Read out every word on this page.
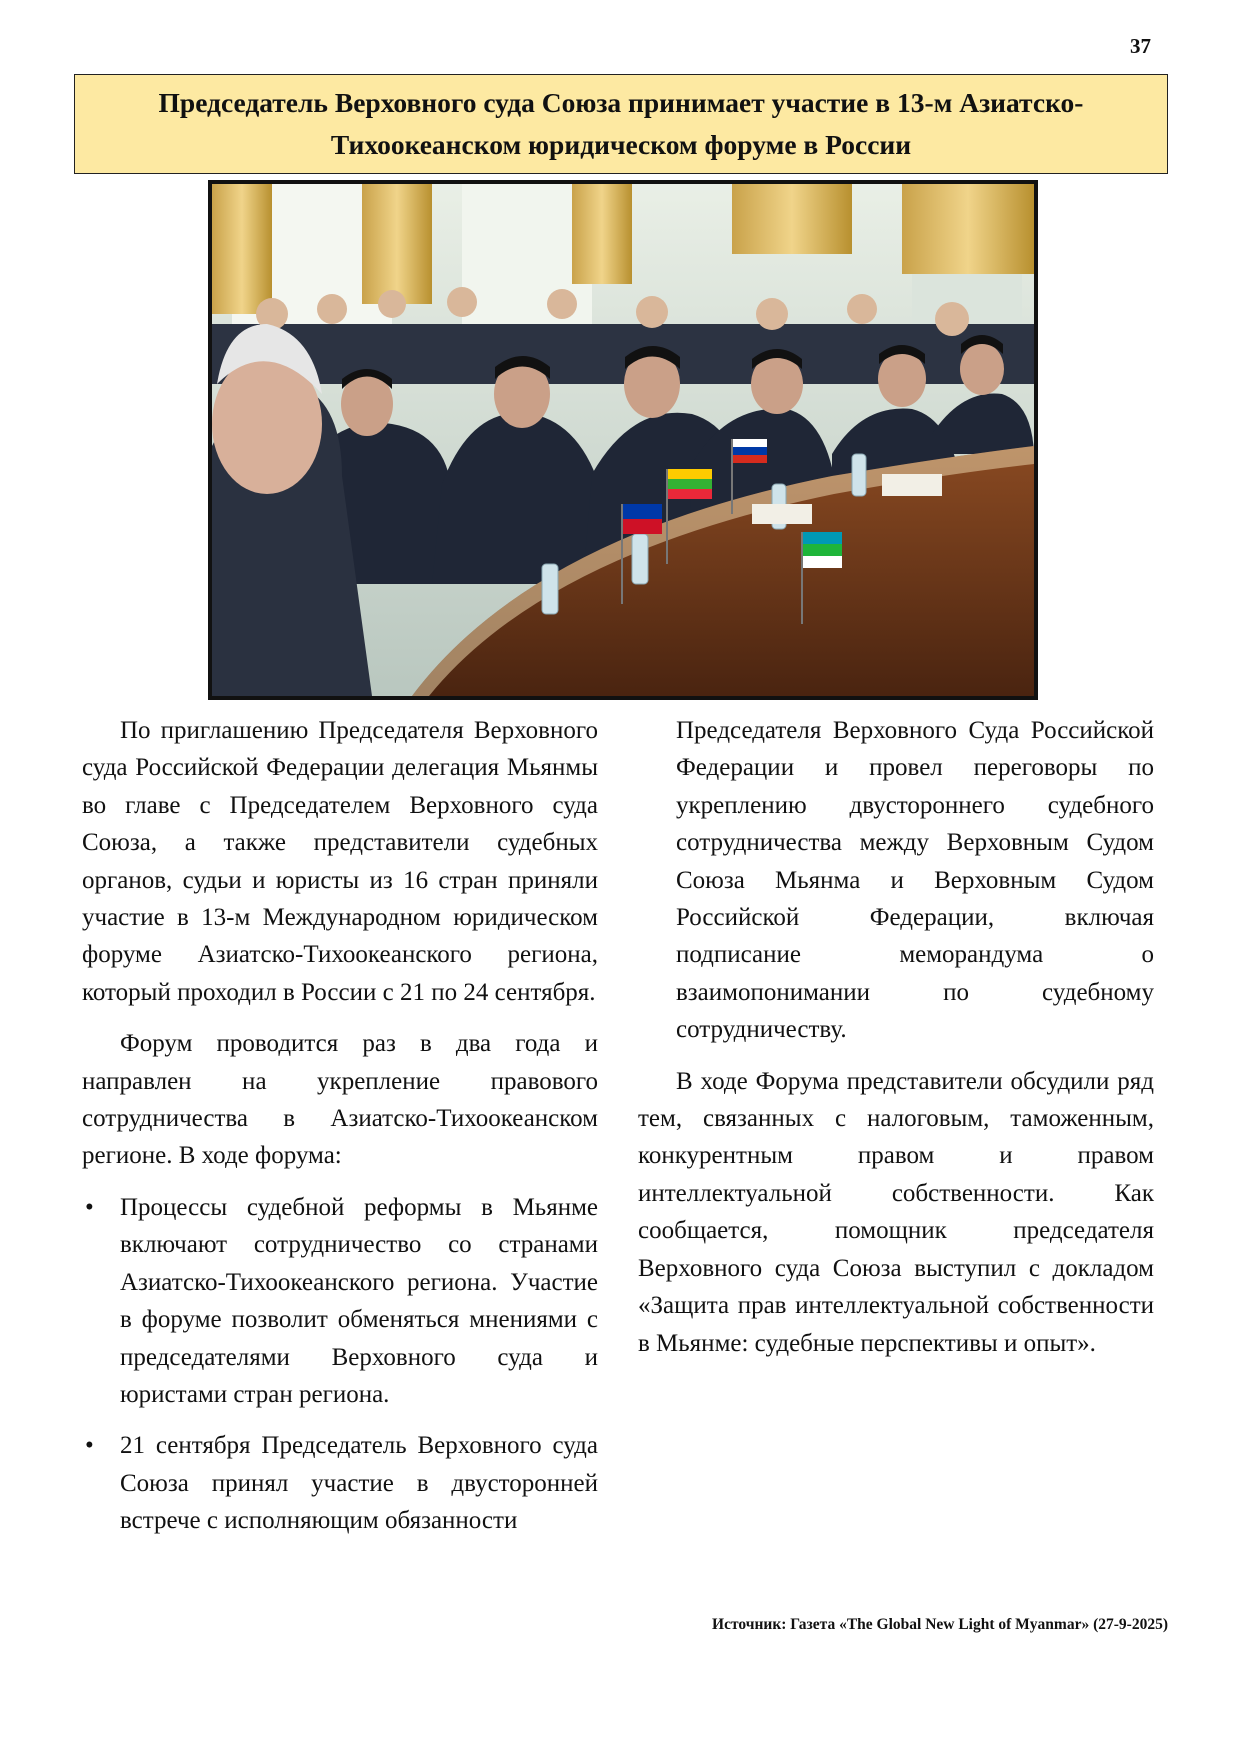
37
Председатель Верховного суда Союза принимает участие в 13-м Азиатско-Тихоокеанском юридическом форуме в России

По приглашению Председателя Верховного суда Российской Федерации делегация Мьянмы во главе с Председателем Верховного суда Союза, а также представители судебных органов, судьи и юристы из 16 стран приняли участие в 13-м Международном юридическом форуме Азиатско-Тихоокеанского региона, который проходил в России с 21 по 24 сентября.

Форум проводится раз в два года и направлен на укрепление правового сотрудничества в Азиатско-Тихоокеанском регионе. В ходе форума:

• Процессы судебной реформы в Мьянме включают сотрудничество со странами Азиатско-Тихоокеанского региона. Участие в форуме позволит обменяться мнениями с председателями Верховного суда и юристами стран региона.
• 21 сентября Председатель Верховного суда Союза принял участие в двусторонней встрече с исполняющим обязанности

Председателя Верховного Суда Российской Федерации и провел переговоры по укреплению двустороннего судебного сотрудничества между Верховным Судом Союза Мьянма и Верховным Судом Российской Федерации, включая подписание меморандума о взаимопонимании по судебному сотрудничеству.

В ходе Форума представители обсудили ряд тем, связанных с налоговым, таможенным, конкурентным правом и правом интеллектуальной собственности. Как сообщается, помощник председателя Верховного суда Союза выступил с докладом «Защита прав интеллектуальной собственности в Мьянме: судебные перспективы и опыт».

Источник: Газета «The Global New Light of Myanmar» (27-9-2025)
